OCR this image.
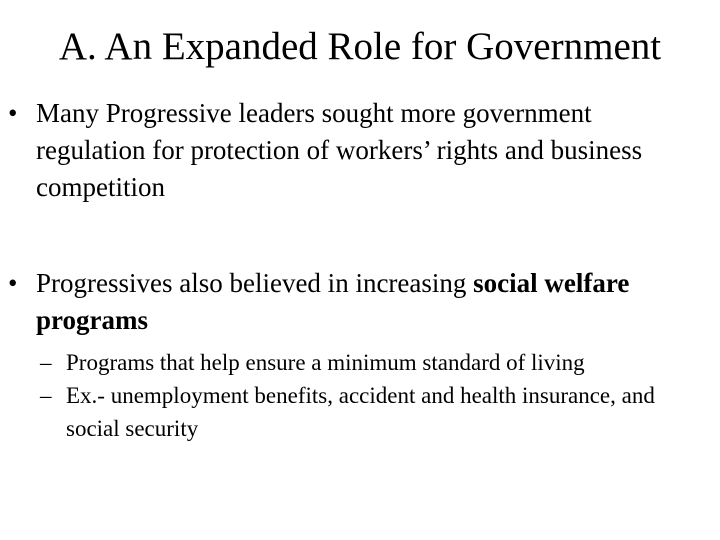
A. An Expanded Role for Government
• Many Progressive leaders sought more government regulation for protection of workers’ rights and business competition
• Progressives also believed in increasing social welfare programs
– Programs that help ensure a minimum standard of living
– Ex.- unemployment benefits, accident and health insurance, and social security
